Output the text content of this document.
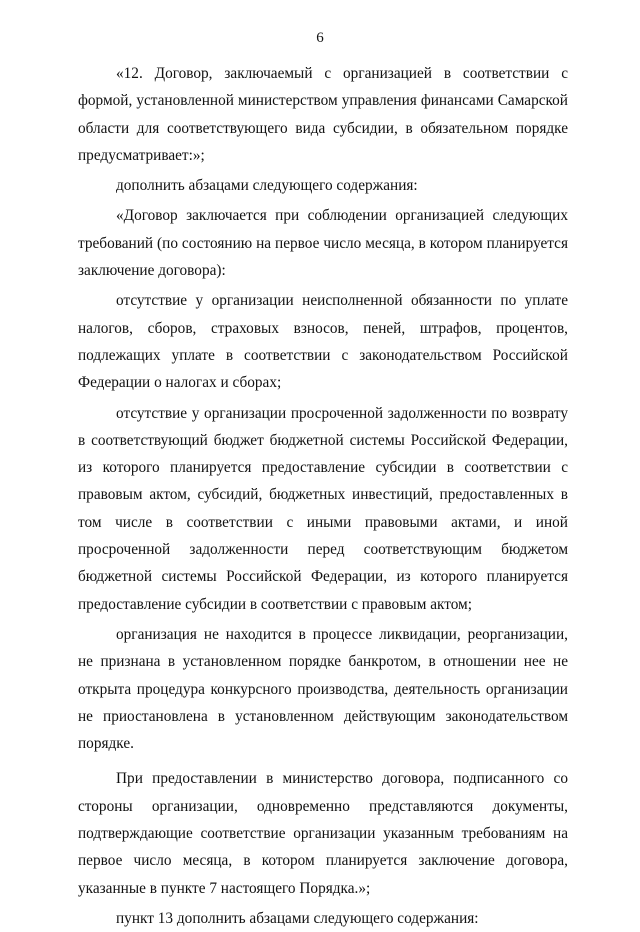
6

«12. Договор, заключаемый с организацией в соответствии с формой, установленной министерством управления финансами Самарской области для соответствующего вида субсидии, в обязательном порядке предусматривает:»;

дополнить абзацами следующего содержания:

«Договор заключается при соблюдении организацией следующих требований (по состоянию на первое число месяца, в котором планируется заключение договора):

отсутствие у организации неисполненной обязанности по уплате налогов, сборов, страховых взносов, пеней, штрафов, процентов, подлежащих уплате в соответствии с законодательством Российской Федерации о налогах и сборах;

отсутствие у организации просроченной задолженности по возврату в соответствующий бюджет бюджетной системы Российской Федерации, из которого планируется предоставление субсидии в соответствии с правовым актом, субсидий, бюджетных инвестиций, предоставленных в том числе в соответствии с иными правовыми актами, и иной просроченной задолженности перед соответствующим бюджетом бюджетной системы Российской Федерации, из которого планируется предоставление субсидии в соответствии с правовым актом;

организация не находится в процессе ликвидации, реорганизации, не признана в установленном порядке банкротом, в отношении нее не открыта процедура конкурсного производства, деятельность организации не приостановлена в установленном действующим законодательством порядке.

При предоставлении в министерство договора, подписанного со стороны организации, одновременно представляются документы, подтверждающие соответствие организации указанным требованиям на первое число месяца, в котором планируется заключение договора, указанные в пункте 7 настоящего Порядка.»;

пункт 13 дополнить абзацами следующего содержания:
